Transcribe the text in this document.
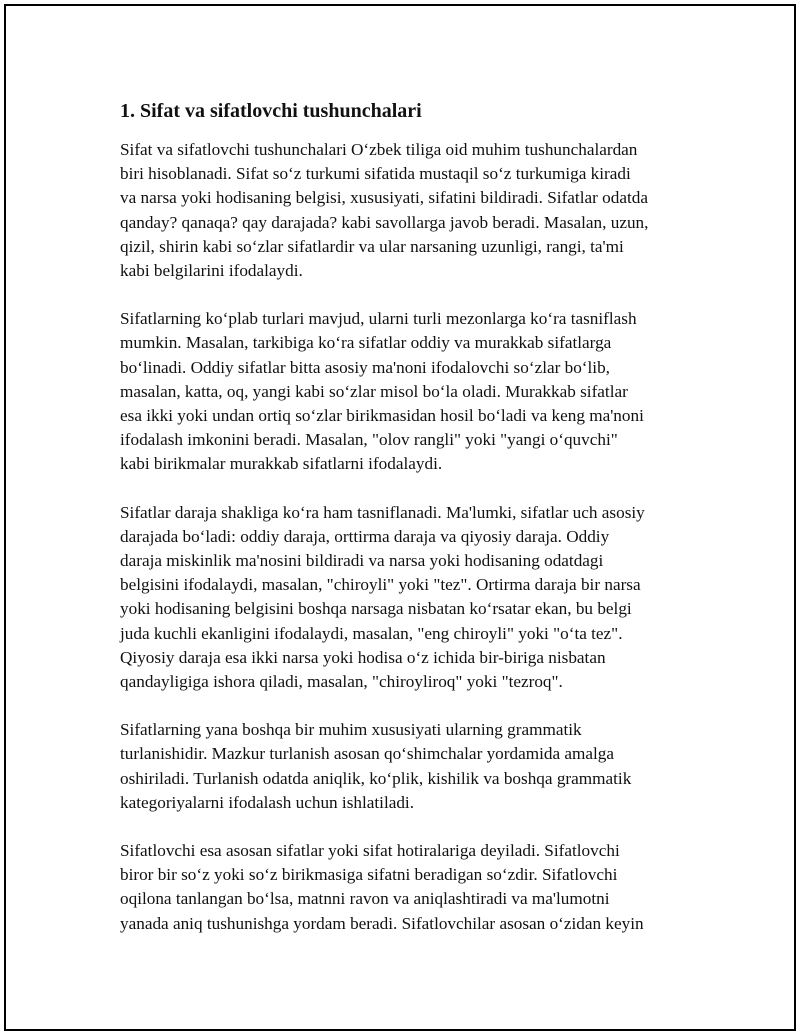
1. Sifat va sifatlovchi tushunchalari
Sifat va sifatlovchi tushunchalari O‘zbek tiliga oid muhim tushunchalardan
biri hisoblanadi. Sifat so‘z turkumi sifatida mustaqil so‘z turkumiga kiradi
va narsa yoki hodisaning belgisi, xususiyati, sifatini bildiradi. Sifatlar odatda
qanday? qanaqa? qay darajada? kabi savollarga javob beradi. Masalan, uzun,
qizil, shirin kabi so‘zlar sifatlardir va ular narsaning uzunligi, rangi, ta'mi
kabi belgilarini ifodalaydi.
Sifatlarning ko‘plab turlari mavjud, ularni turli mezonlarga ko‘ra tasniflash
mumkin. Masalan, tarkibiga ko‘ra sifatlar oddiy va murakkab sifatlarga
bo‘linadi. Oddiy sifatlar bitta asosiy ma'noni ifodalovchi so‘zlar bo‘lib,
masalan, katta, oq, yangi kabi so‘zlar misol bo‘la oladi. Murakkab sifatlar
esa ikki yoki undan ortiq so‘zlar birikmasidan hosil bo‘ladi va keng ma'noni
ifodalash imkonini beradi. Masalan, "olov rangli" yoki "yangi o‘quvchi"
kabi birikmalar murakkab sifatlarni ifodalaydi.
Sifatlar daraja shakliga ko‘ra ham tasniflanadi. Ma'lumki, sifatlar uch asosiy
darajada bo‘ladi: oddiy daraja, orttirma daraja va qiyosiy daraja. Oddiy
daraja miskinlik ma'nosini bildiradi va narsa yoki hodisaning odatdagi
belgisini ifodalaydi, masalan, "chiroyli" yoki "tez". Ortirma daraja bir narsa
yoki hodisaning belgisini boshqa narsaga nisbatan ko‘rsatar ekan, bu belgi
juda kuchli ekanligini ifodalaydi, masalan, "eng chiroyli" yoki "o‘ta tez".
Qiyosiy daraja esa ikki narsa yoki hodisa o‘z ichida bir-biriga nisbatan
qandayligiga ishora qiladi, masalan, "chiroyliroq" yoki "tezroq".
Sifatlarning yana boshqa bir muhim xususiyati ularning grammatik
turlanishidir. Mazkur turlanish asosan qo‘shimchalar yordamida amalga
oshiriladi. Turlanish odatda aniqlik, ko‘plik, kishilik va boshqa grammatik
kategoriyalarni ifodalash uchun ishlatiladi.
Sifatlovchi esa asosan sifatlar yoki sifat hotiralariga deyiladi. Sifatlovchi
biror bir so‘z yoki so‘z birikmasiga sifatni beradigan so‘zdir. Sifatlovchi
oqilona tanlangan bo‘lsa, matnni ravon va aniqlashtiradi va ma'lumotni
yanada aniq tushunishga yordam beradi. Sifatlovchilar asosan o‘zidan keyin
